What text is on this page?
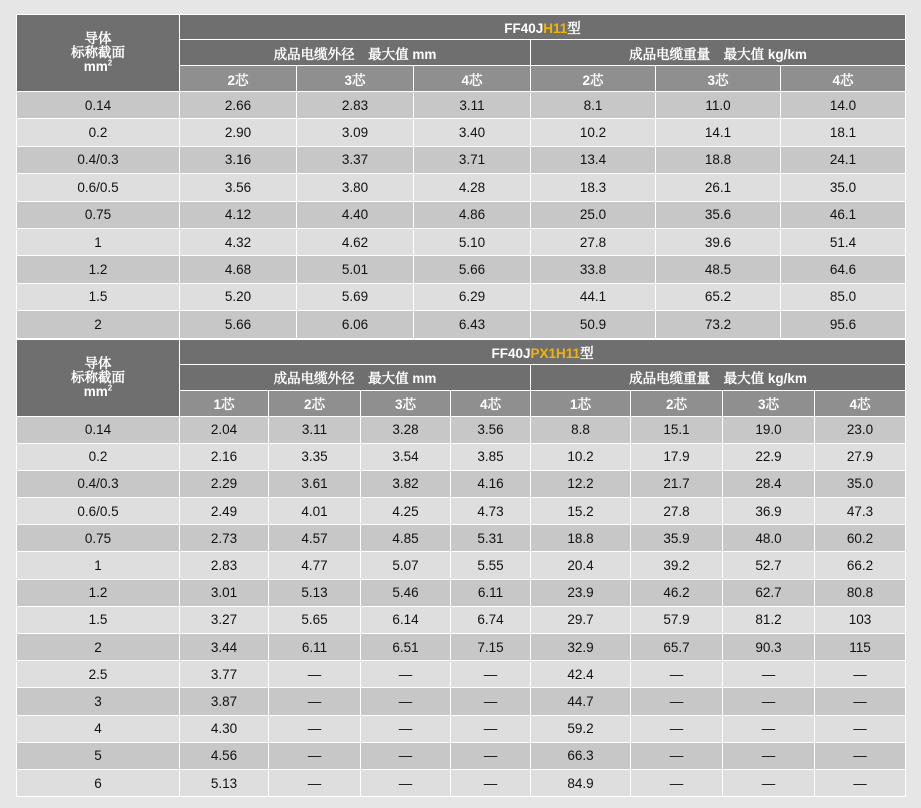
导体
标称截面
$mm^2$	FF40JH11型					
	成品电缆外径　最大值 mm			成品电缆重量　最大值 kg/km		
	2芯	3芯	4芯	2芯	3芯	4芯
0.14	2.66	2.83	3.11	8.1	11.0	14.0
0.2	2.90	3.09	3.40	10.2	14.1	18.1
0.4/0.3	3.16	3.37	3.71	13.4	18.8	24.1
0.6/0.5	3.56	3.80	4.28	18.3	26.1	35.0
0.75	4.12	4.40	4.86	25.0	35.6	46.1
1	4.32	4.62	5.10	27.8	39.6	51.4
1.2	4.68	5.01	5.66	33.8	48.5	64.6
1.5	5.20	5.69	6.29	44.1	65.2	85.0
2	5.66	6.06	6.43	50.9	73.2	95.6
导体
标称截面
$mm^2$	FF40JPX1H11型							
	成品电缆外径　最大值 mm				成品电缆重量　最大值 kg/km			
	1芯	2芯	3芯	4芯	1芯	2芯	3芯	4芯
0.14	2.04	3.11	3.28	3.56	8.8	15.1	19.0	23.0
0.2	2.16	3.35	3.54	3.85	10.2	17.9	22.9	27.9
0.4/0.3	2.29	3.61	3.82	4.16	12.2	21.7	28.4	35.0
0.6/0.5	2.49	4.01	4.25	4.73	15.2	27.8	36.9	47.3
0.75	2.73	4.57	4.85	5.31	18.8	35.9	48.0	60.2
1	2.83	4.77	5.07	5.55	20.4	39.2	52.7	66.2
1.2	3.01	5.13	5.46	6.11	23.9	46.2	62.7	80.8
1.5	3.27	5.65	6.14	6.74	29.7	57.9	81.2	103
2	3.44	6.11	6.51	7.15	32.9	65.7	90.3	115
2.5	3.77	—	—	—	42.4	—	—	—
3	3.87	—	—	—	44.7	—	—	—
4	4.30	—	—	—	59.2	—	—	—
5	4.56	—	—	—	66.3	—	—	—
6	5.13	—	—	—	84.9	—	—	—
